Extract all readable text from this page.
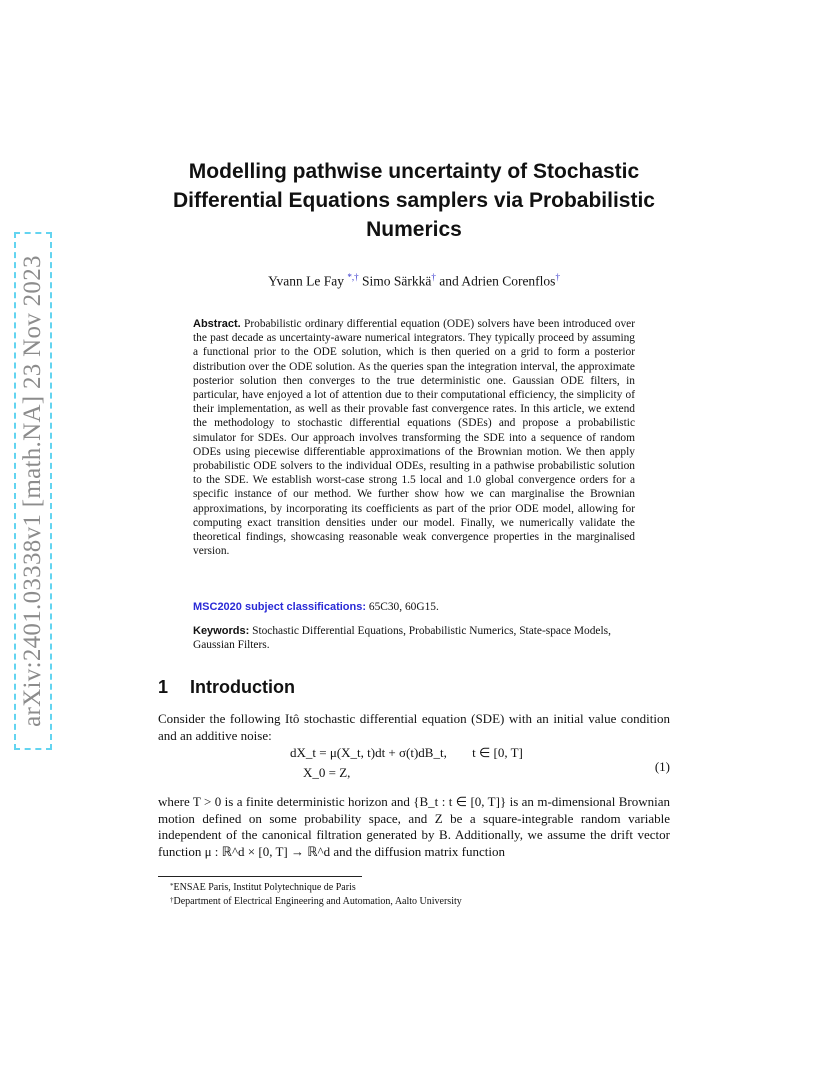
arXiv:2401.03338v1 [math.NA] 23 Nov 2023
Modelling pathwise uncertainty of Stochastic Differential Equations samplers via Probabilistic Numerics
Yvann Le Fay *,† Simo Särkkä† and Adrien Corenflos†
Abstract. Probabilistic ordinary differential equation (ODE) solvers have been introduced over the past decade as uncertainty-aware numerical integrators. They typically proceed by assuming a functional prior to the ODE solution, which is then queried on a grid to form a posterior distribution over the ODE solution. As the queries span the integration interval, the approximate posterior solution then converges to the true deterministic one. Gaussian ODE filters, in particular, have enjoyed a lot of attention due to their computational efficiency, the simplicity of their implementation, as well as their provable fast convergence rates. In this article, we extend the methodology to stochastic differential equations (SDEs) and propose a probabilistic simulator for SDEs. Our approach involves transforming the SDE into a sequence of random ODEs using piecewise differentiable approximations of the Brownian motion. We then apply probabilistic ODE solvers to the individual ODEs, resulting in a pathwise probabilistic solution to the SDE. We establish worst-case strong 1.5 local and 1.0 global convergence orders for a specific instance of our method. We further show how we can marginalise the Brownian approximations, by incorporating its coefficients as part of the prior ODE model, allowing for computing exact transition densities under our model. Finally, we numerically validate the theoretical findings, showcasing reasonable weak convergence properties in the marginalised version.
MSC2020 subject classifications: 65C30, 60G15.
Keywords: Stochastic Differential Equations, Probabilistic Numerics, State-space Models, Gaussian Filters.
1 Introduction
Consider the following Itô stochastic differential equation (SDE) with an initial value condition and an additive noise:
dX_t = μ(X_t, t)dt + σ(t)dB_t, t ∈ [0, T]
X_0 = Z,	(1)
where T > 0 is a finite deterministic horizon and {B_t : t ∈ [0, T]} is an m-dimensional Brownian motion defined on some probability space, and Z be a square-integrable random variable independent of the canonical filtration generated by B. Additionally, we assume the drift vector function μ : ℝ^d × [0, T] → ℝ^d and the diffusion matrix function
*ENSAE Paris, Institut Polytechnique de Paris
†Department of Electrical Engineering and Automation, Aalto University
